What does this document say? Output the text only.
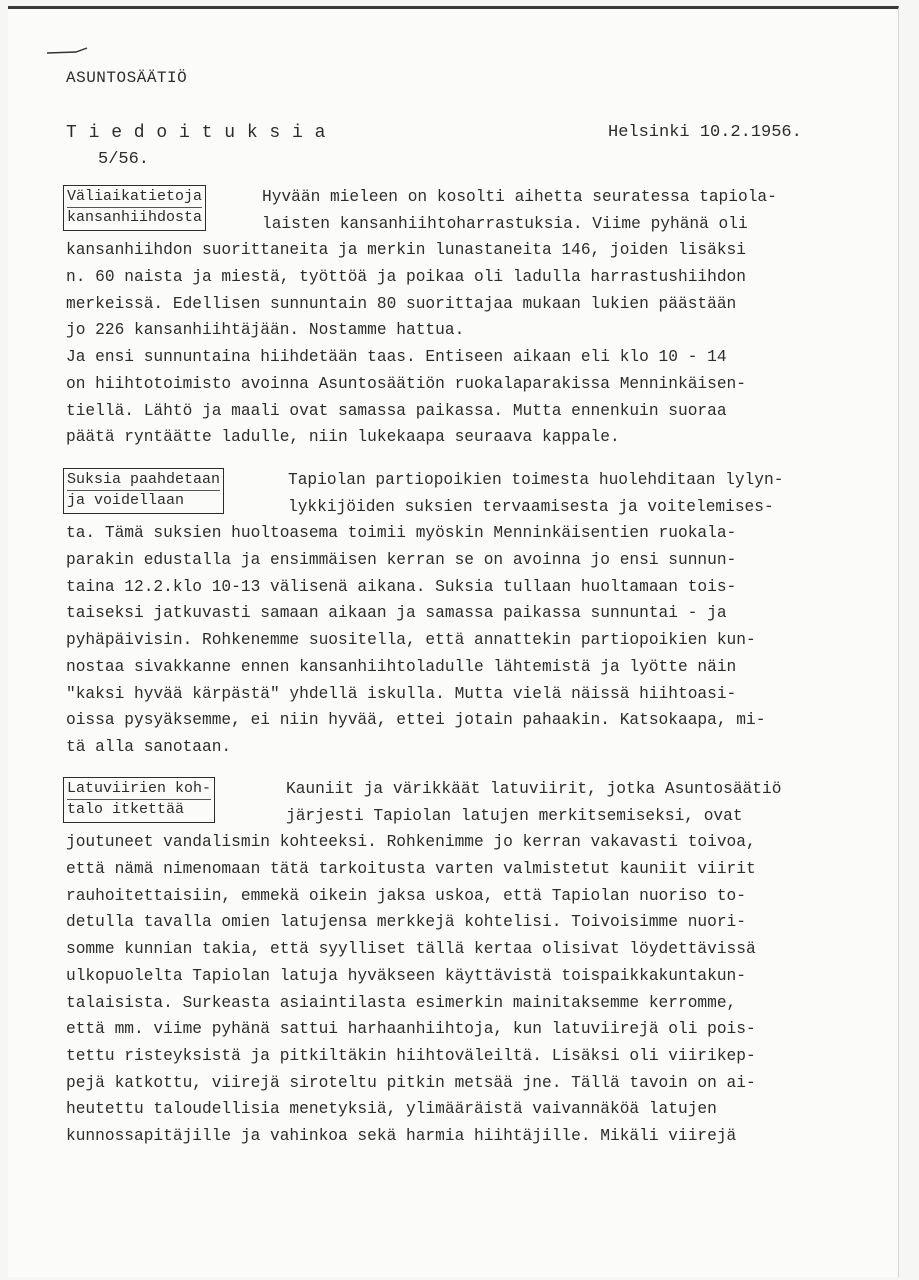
ASUNTOSÄÄTIÖ
T i e d o i t u k s i a
5/56.
Helsinki 10.2.1956.
Väliaikatietoja
kansanhiihdosta
Hyvään mieleen on kosolti aihetta seuratessa tapiola-
laisten kansanhiihtoharrastuksia. Viime pyhänä oli
kansanhiihdon suorittaneita ja merkin lunastaneita 146, joiden lisäksi
n. 60 naista ja miestä, työttöä ja poikaa oli ladulla harrastushiihdon
merkeissä. Edellisen sunnuntain 80 suorittajaa mukaan lukien päästään
jo 226 kansanhiihtäjään. Nostamme hattua.
Ja ensi sunnuntaina hiihdetään taas. Entiseen aikaan eli klo 10 - 14
on hiihtotoimisto avoinna Asuntosäätiön ruokalaparakissa Menninkäisen-
tiellä. Lähtö ja maali ovat samassa paikassa. Mutta ennenkuin suoraa
päätä ryntäätte ladulle, niin lukekaapa seuraava kappale.
Suksia paahdetaan
ja voidellaan
Tapiolan partiopoikien toimesta huolehditaan lylyn-
lykkijöiden suksien tervaamisesta ja voitelemises-
ta. Tämä suksien huoltoasema toimii myöskin Menninkäisentien ruokala-
parakin edustalla ja ensimmäisen kerran se on avoinna jo ensi sunnun-
taina 12.2.klo 10-13 välisenä aikana. Suksia tullaan huoltamaan tois-
taiseksi jatkuvasti samaan aikaan ja samassa paikassa sunnuntai - ja
pyhäpäivisin. Rohkenemme suositella, että annattekin partiopoikien kun-
nostaa sivakkanne ennen kansanhiihtoladulle lähtemistä ja lyötte näin
"kaksi hyvää kärpästä" yhdellä iskulla. Mutta vielä näissä hiihtoasi-
oissa pysyäksemme, ei niin hyvää, ettei jotain pahaakin. Katsokaapa, mi-
tä alla sanotaan.
Latuviirien koh-
talo itkettää
Kauniit ja värikkäät latuviirit, jotka Asuntosäätiö
järjesti Tapiolan latujen merkitsemiseksi, ovat
joutuneet vandalismin kohteeksi. Rohkenimme jo kerran vakavasti toivoa,
että nämä nimenomaan tätä tarkoitusta varten valmistetut kauniit viirit
rauhoitettaisiin, emmekä oikein jaksa uskoa, että Tapiolan nuoriso to-
detulla tavalla omien latujensa merkkejä kohtelisi. Toivoisimme nuori-
somme kunnian takia, että syylliset tällä kertaa olisivat löydettävissä
ulkopuolelta Tapiolan latuja hyväkseen käyttävistä toispaikkakuntakun-
talaisista. Surkeasta asiaintilasta esimerkin mainitaksemme kerromme,
että mm. viime pyhänä sattui harhaanhiihtoja, kun latuviirejä oli pois-
tettu risteyksistä ja pitkiltäkin hiihtoväleiltä. Lisäksi oli viirikep-
pejä katkottu, viirejä siroteltu pitkin metsää jne. Tällä tavoin on ai-
heutettu taloudellisia menetyksiä, ylimääräistä vaivannäköä latujen
kunnossapitäjille ja vahinkoa sekä harmia hiihtäjille. Mikäli viirejä
